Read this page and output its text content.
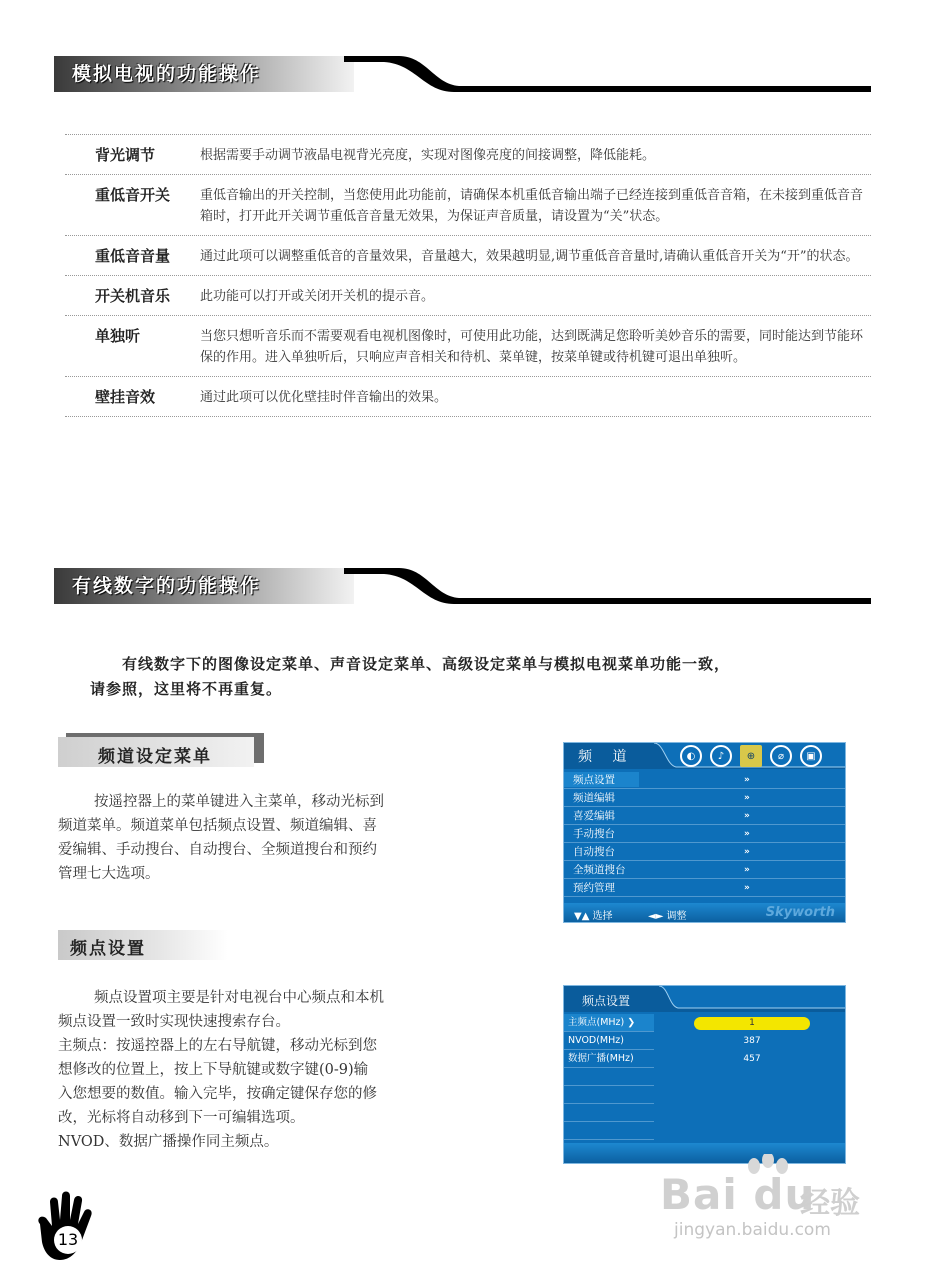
模拟电视的功能操作
背光调节	根据需要手动调节液晶电视背光亮度，实现对图像亮度的间接调整，降低能耗。
重低音开关	重低音输出的开关控制，当您使用此功能前，请确保本机重低音输出端子已经连接到重低音音箱，在未接到重低音音箱时，打开此开关调节重低音音量无效果，为保证声音质量，请设置为“关”状态。
重低音音量	通过此项可以调整重低音的音量效果，音量越大，效果越明显,调节重低音音量时,请确认重低音开关为“开”的状态。
开关机音乐	此功能可以打开或关闭开关机的提示音。
单独听	当您只想听音乐而不需要观看电视机图像时，可使用此功能，达到既满足您聆听美妙音乐的需要，同时能达到节能环保的作用。进入单独听后，只响应声音相关和待机、菜单键，按菜单键或待机键可退出单独听。
壁挂音效	通过此项可以优化壁挂时伴音输出的效果。
有线数字的功能操作
有线数字下的图像设定菜单、声音设定菜单、高级设定菜单与模拟电视菜单功能一致，
请参照，这里将不再重复。
频道设定菜单
按遥控器上的菜单键进入主菜单，移动光标到
频道菜单。频道菜单包括频点设置、频道编辑、喜
爱编辑、手动搜台、自动搜台、全频道搜台和预约
管理七大选项。
频点设置
频点设置项主要是针对电视台中心频点和本机
频点设置一致时实现快速搜索存台。
主频点：按遥控器上的左右导航键，移动光标到您
想修改的位置上，按上下导航键或数字键(0-9)输
入您想要的数值。输入完毕，按确定键保存您的修
改，光标将自动移到下一可编辑选项。
NVOD、数据广播操作同主频点。
频 道	◐	♪	⊕	⌀	▣
频点设置	»
频道编辑	»
喜爱编辑	»
手动搜台	»
自动搜台	»
全频道搜台	»
预约管理	»
▼▲ 选择	◄► 调整	Skyworth
频点设置
主频点(MHz) ❯	1
NVOD(MHz)	387
数据广播(MHz)	457
Bai du
经验
jingyan.baidu.com
13
